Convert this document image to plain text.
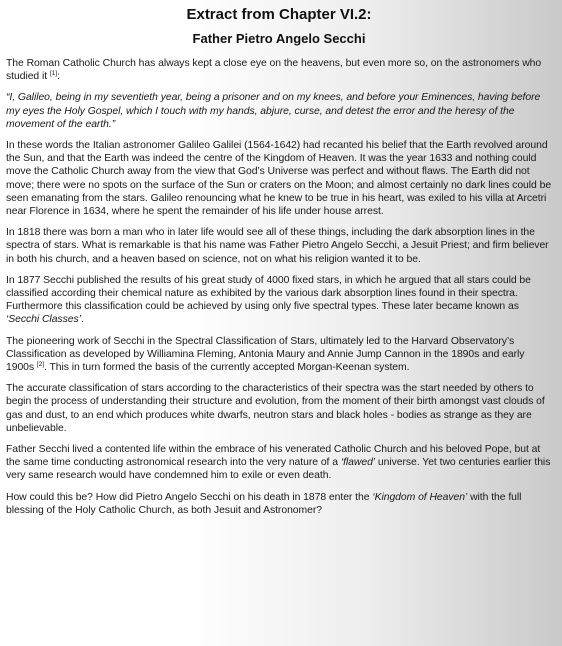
Extract from Chapter VI.2:
Father Pietro Angelo Secchi

The Roman Catholic Church has always kept a close eye on the heavens, but even more so, on the astronomers who studied it [1]:

“I, Galileo, being in my seventieth year, being a prisoner and on my knees, and before your Eminences, having before my eyes the Holy Gospel, which I touch with my hands, abjure, curse, and detest the error and the heresy of the movement of the earth.”

In these words the Italian astronomer Galileo Galilei (1564-1642) had recanted his belief that the Earth revolved around the Sun, and that the Earth was indeed the centre of the Kingdom of Heaven. It was the year 1633 and nothing could move the Catholic Church away from the view that God’s Universe was perfect and without flaws. The Earth did not move; there were no spots on the surface of the Sun or craters on the Moon; and almost certainly no dark lines could be seen emanating from the stars. Galileo renouncing what he knew to be true in his heart, was exiled to his villa at Arcetri near Florence in 1634, where he spent the remainder of his life under house arrest.

In 1818 there was born a man who in later life would see all of these things, including the dark absorption lines in the spectra of stars. What is remarkable is that his name was Father Pietro Angelo Secchi, a Jesuit Priest; and firm believer in both his church, and a heaven based on science, not on what his religion wanted it to be.

In 1877 Secchi published the results of his great study of 4000 fixed stars, in which he argued that all stars could be classified according their chemical nature as exhibited by the various dark absorption lines found in their spectra. Furthermore this classification could be achieved by using only five spectral types. These later became known as ‘Secchi Classes’.

The pioneering work of Secchi in the Spectral Classification of Stars, ultimately led to the Harvard Observatory’s Classification as developed by Williamina Fleming, Antonia Maury and Annie Jump Cannon in the 1890s and early 1900s [2]. This in turn formed the basis of the currently accepted Morgan-Keenan system.

The accurate classification of stars according to the characteristics of their spectra was the start needed by others to begin the process of understanding their structure and evolution, from the moment of their birth amongst vast clouds of gas and dust, to an end which produces white dwarfs, neutron stars and black holes - bodies as strange as they are unbelievable.

Father Secchi lived a contented life within the embrace of his venerated Catholic Church and his beloved Pope, but at the same time conducting astronomical research into the very nature of a ‘flawed’ universe. Yet two centuries earlier this very same research would have condemned him to exile or even death.

How could this be? How did Pietro Angelo Secchi on his death in 1878 enter the ‘Kingdom of Heaven’ with the full blessing of the Holy Catholic Church, as both Jesuit and Astronomer?
